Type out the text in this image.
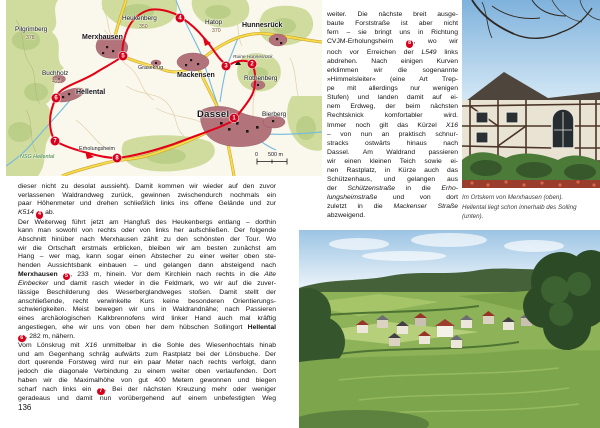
Pilgrimberg
378
Heukenberg
350
Hatop
370
Hunnesrück
Merxhausen
Grasekrug
Mackensen	Rothenberg
Buchholz
422
Hellental
Dassel	Bierberg
Ruine Hunnesrück
Erholungsheim
NSG Hellental	0 500 m
1
2
3
4
5
6
7
8
dieser nicht zu desolat aussieht). Damit kommen wir wieder auf den zuvor
verlassenen Waldrandweg zurück, gewinnen zwischendurch nochmals ein
paar Höhenmeter und drehen schließlich links ins offene Gelände und zur
K514 4 ab.
Der Weiterweg führt jetzt am Hangfuß des Heukenbergs entlang – dorthin
kann man sowohl von rechts oder von links her aufschließen. Der folgende
Abschnitt hinüber nach Merxhausen zählt zu den schönsten der Tour. Wo
wir die Ortschaft erstmals erblicken, bleiben wir am besten zunächst am
Hang – wer mag, kann sogar einen Abstecher zu einer weiter oben ste-
henden Aussichtsbank einbauen – und gelangen dann absteigend nach
Merxhausen 5 , 233 m, hinein. Vor dem Kirchlein nach rechts in die Alte
Einbecker und damit rasch wieder in die Feldmark, wo wir auf die zuver-
lässige Beschilderung des Weserberglandweges stoßen. Damit stellt der
anschließende, recht verwinkelte Kurs keine besonderen Orientierungs-
schwierigkeiten. Meist bewegen wir uns in Waldrandnähe; nach Passieren
eines archäologischen Kalkbrennofens wird linker Hand auch mal kräftig
angestiegen, ehe wir uns von oben her dem hübschen Sollingort Hellental
6 , 282 m, nähern.
Vom Lönskrug mit X16 unmittelbar in die Sohle des Wiesenhochtals hinab
und am Gegenhang schräg aufwärts zum Rastplatz bei der Lönsbuche. Der
dort querende Forstweg wird nur ein paar Meter nach rechts verfolgt, dann
jedoch die diagonale Verbindung zu einem weiter oben verlaufenden. Dort
haben wir die Maximalhöhe von gut 400 Metern gewonnen und biegen
scharf nach links ein 7 . Bei der nächsten Kreuzung mehr oder weniger
geradeaus und damit nun vorübergehend auf einem unbefestigten Weg
weiter. Die nächste breit ausge-
baute Forststraße ist aber nicht
fern – sie bringt uns in Richtung
CVJM-Erholungsheim 8 , wo wir
noch vor Erreichen der L549 links
abdrehen. Nach einigen Kurven
erklimmen wir die sogenannte
»Himmelsleiter« (eine Art Trep-
pe mit allerdings nur wenigen
Stufen) und landen damit auf ei-
nem Erdweg, der beim nächsten
Rechtsknick komfortabler wird.
Immer noch gilt das Kürzel X16
– von nun an praktisch schnur-
stracks ostwärts hinaus nach
Dassel. Am Waldrand passieren
wir einen kleinen Teich sowie ei-
nen Rastplatz, in Kürze auch das
Schützenhaus, und gelangen aus
der Schützenstraße in die Erho-
lungsheimstraße und von dort
zuletzt in die Mackenser Straße
abzweigend.
Im Ortskern von Merxhausen (oben).
Hellental liegt schon innerhalb des Solling
(unten).
136
